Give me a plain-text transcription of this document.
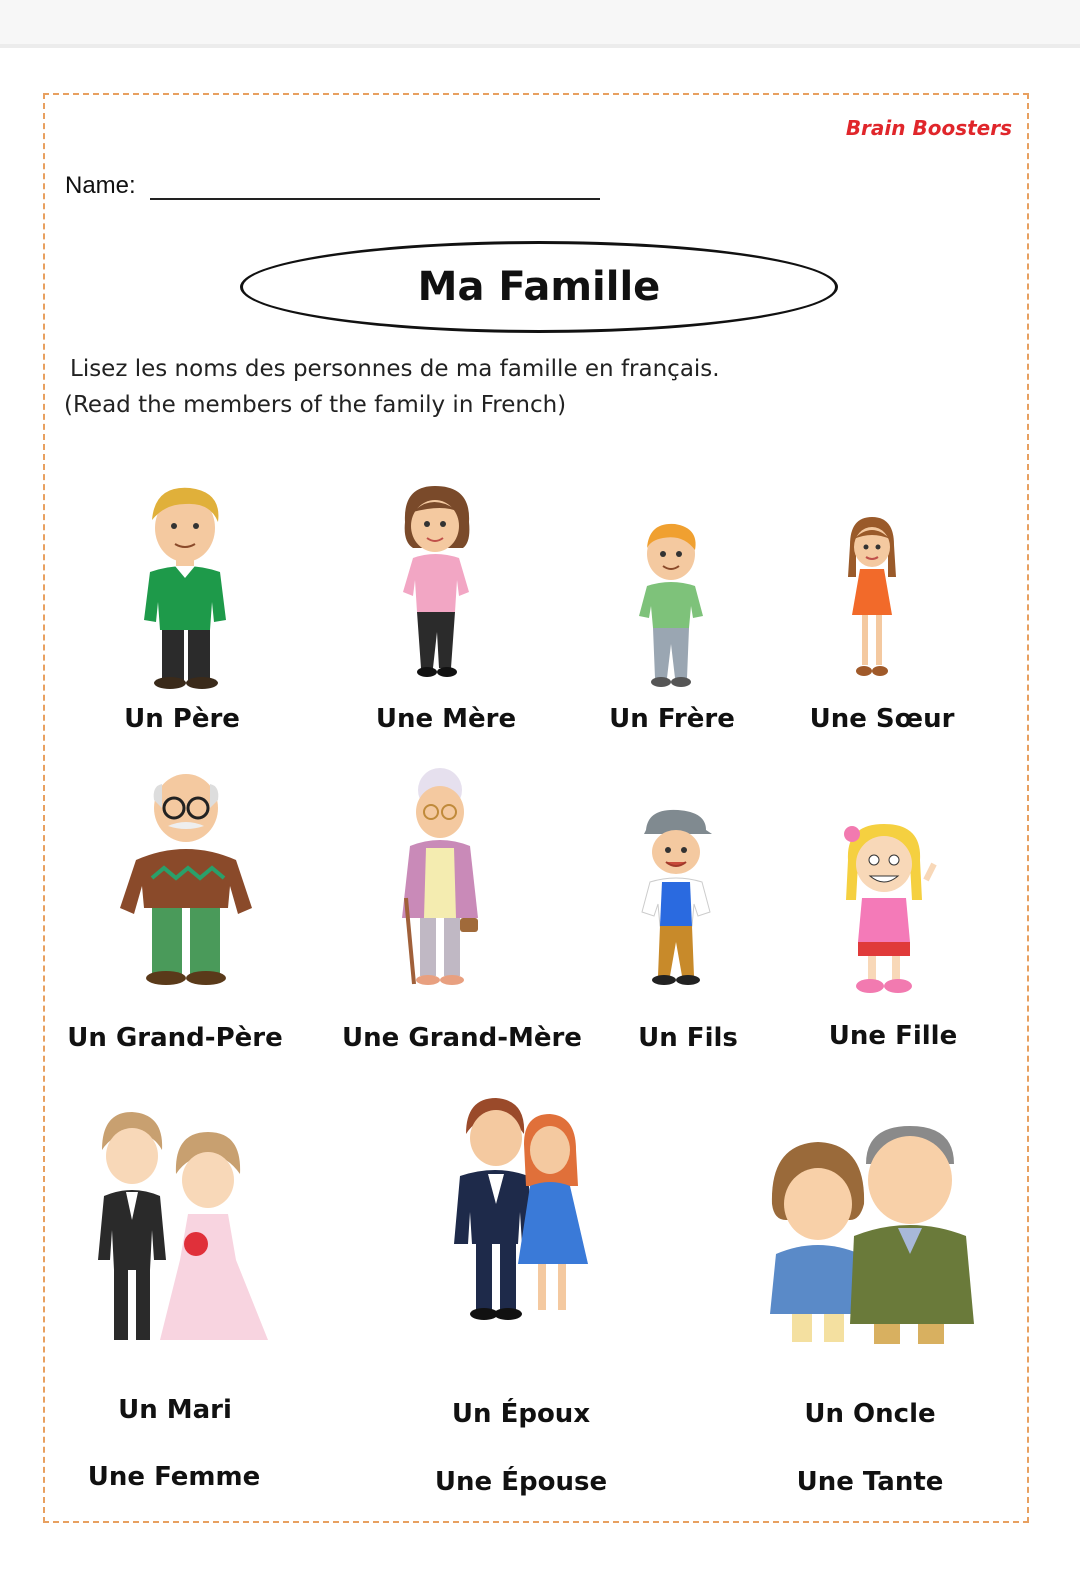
Brain Boosters
Name:
Ma Famille
Lisez les noms des personnes de ma famille en français.
(Read the members of the family in French)
Un Père	Une Mère	Un Frère	Une Sœur
Un Grand-Père Une Grand-Mère Un Fils	Une Fille
Un Mari
Une Femme
Un Époux
Une Épouse
Un Oncle
Une Tante
